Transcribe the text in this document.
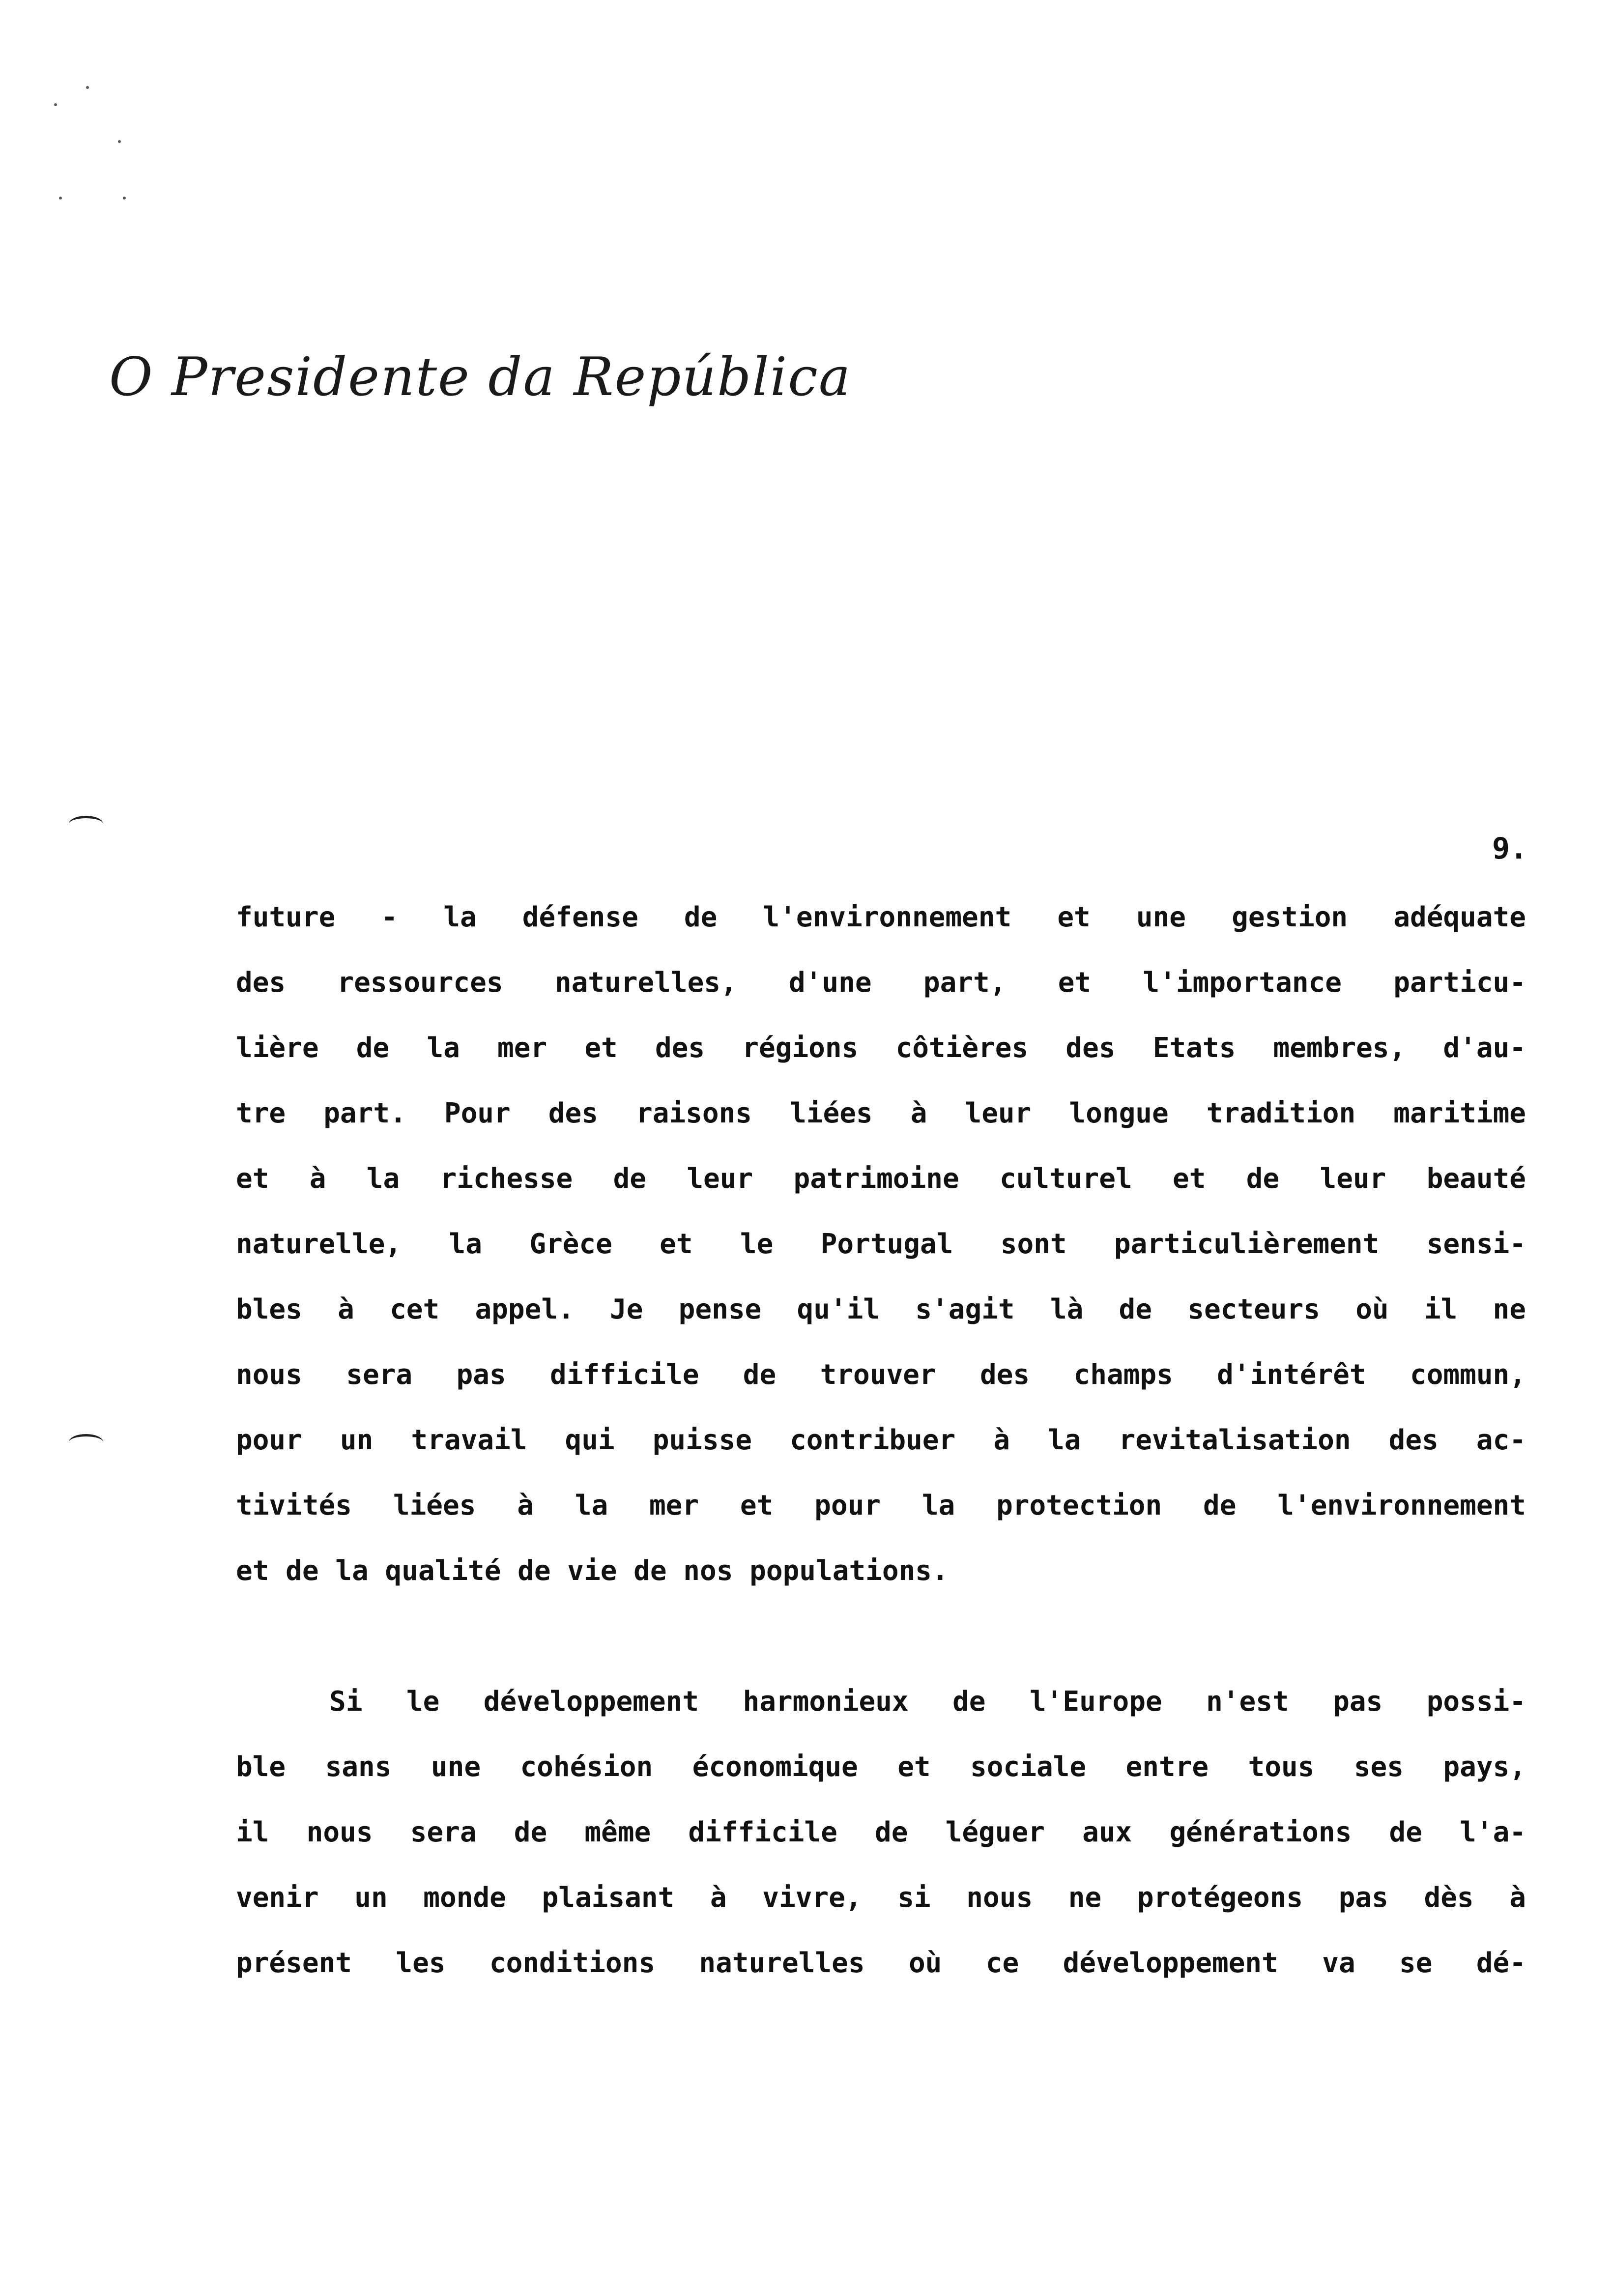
O Presidente da República
9.
future - la défense de l'environnement et une gestion adéquate
des ressources naturelles, d'une part, et l'importance particu-
lière de la mer et des régions côtières des Etats membres, d'au-
tre part. Pour des raisons liées à leur longue tradition maritime
et à la richesse de leur patrimoine culturel et de leur beauté
naturelle, la Grèce et le Portugal sont particulièrement sensi-
bles à cet appel. Je pense qu'il s'agit là de secteurs où il ne
nous sera pas difficile de trouver des champs d'intérêt commun,
pour un travail qui puisse contribuer à la revitalisation des ac-
tivités liées à la mer et pour la protection de l'environnement
et de la qualité de vie de nos populations.
Si le développement harmonieux de l'Europe n'est pas possi-
ble sans une cohésion économique et sociale entre tous ses pays,
il nous sera de même difficile de léguer aux générations de l'a-
venir un monde plaisant à vivre, si nous ne protégeons pas dès à
présent les conditions naturelles où ce développement va se dé-
